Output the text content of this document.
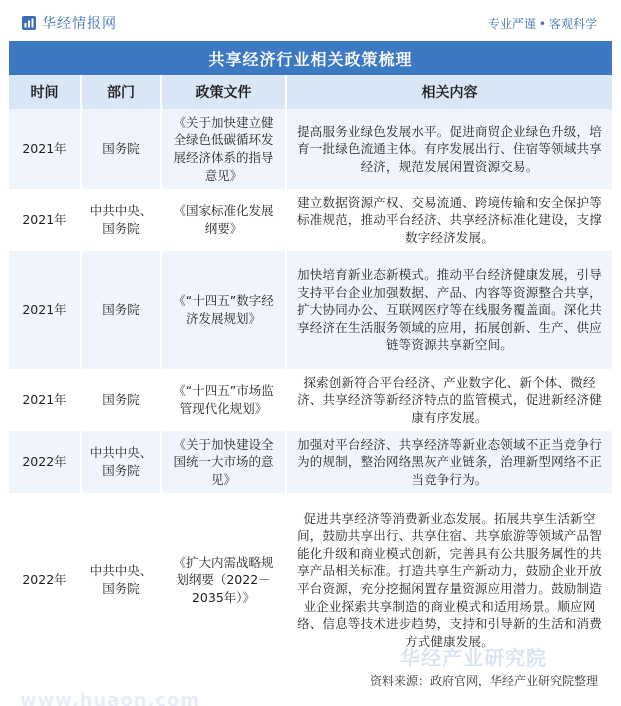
华经情报网	专业严谨 • 客观科学
共享经济行业相关政策梳理
时间	部门	政策文件	相关内容
2021年	国务院	《关于加快建立健全绿色低碳循环发展经济体系的指导意见》	提高服务业绿色发展水平。促进商贸企业绿色升级，培育一批绿色流通主体。有序发展出行、住宿等领域共享经济，规范发展闲置资源交易。
2021年	中共中央、国务院	《国家标准化发展纲要》	建立数据资源产权、交易流通、跨境传输和安全保护等标准规范，推动平台经济、共享经济标准化建设，支撑数字经济发展。
2021年	国务院	《“十四五”数字经济发展规划》	加快培育新业态新模式。推动平台经济健康发展，引导支持平台企业加强数据、产品、内容等资源整合共享，扩大协同办公、互联网医疗等在线服务覆盖面。深化共享经济在生活服务领域的应用，拓展创新、生产、供应链等资源共享新空间。
2021年	国务院	《“十四五”市场监管现代化规划》	探索创新符合平台经济、产业数字化、新个体、微经济、共享经济等新经济特点的监管模式，促进新经济健康有序发展。
2022年	中共中央、国务院	《关于加快建设全国统一大市场的意见》	加强对平台经济、共享经济等新业态领域不正当竞争行为的规制，整治网络黑灰产业链条，治理新型网络不正当竞争行为。
2022年	中共中央、国务院	《扩大内需战略规划纲要（2022－2035年）》	促进共享经济等消费新业态发展。拓展共享生活新空间，鼓励共享出行、共享住宿、共享旅游等领域产品智能化升级和商业模式创新，完善具有公共服务属性的共享产品相关标准。打造共享生产新动力，鼓励企业开放平台资源，充分挖掘闲置存量资源应用潜力。鼓励制造业企业探索共享制造的商业模式和适用场景。顺应网络、信息等技术进步趋势，支持和引导新的生活和消费方式健康发展。
华经产业研究院
www.huaon.com
资料来源：政府官网，华经产业研究院整理
